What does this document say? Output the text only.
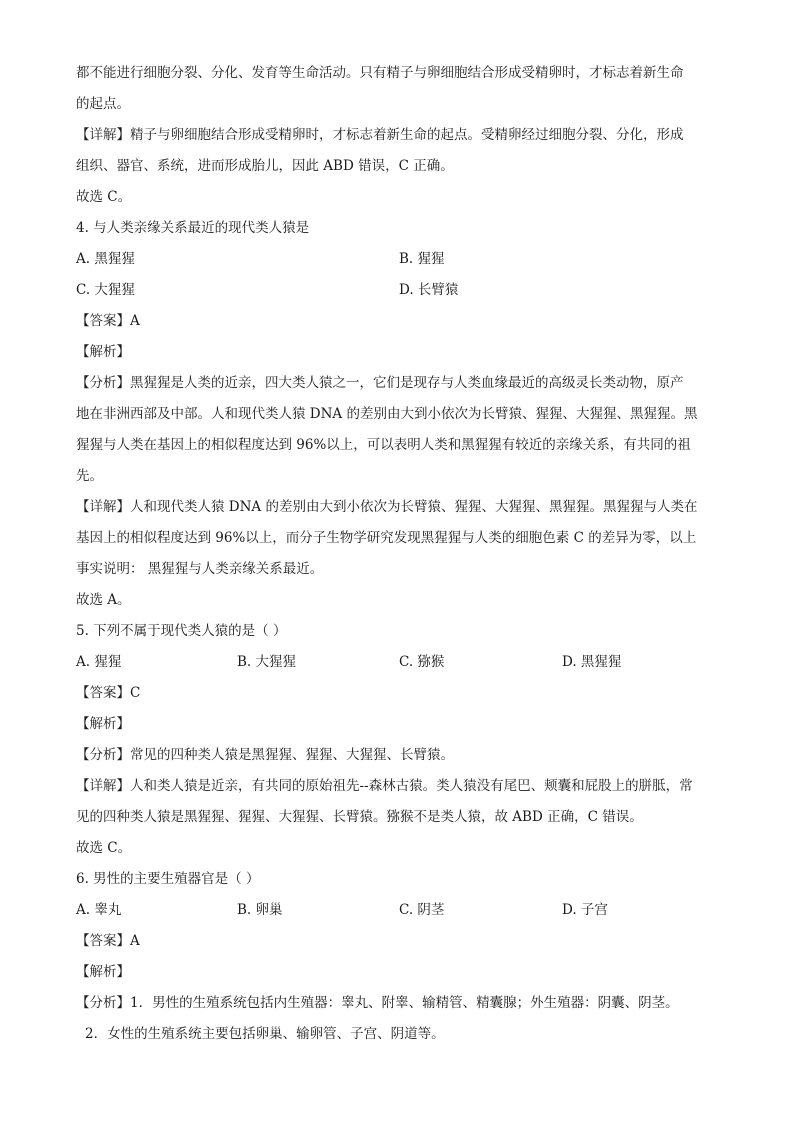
都不能进行细胞分裂、分化、发育等生命活动。只有精子与卵细胞结合形成受精卵时，才标志着新生命
的起点。
【详解】精子与卵细胞结合形成受精卵时，才标志着新生命的起点。受精卵经过细胞分裂、分化，形成
组织、器官、系统，进而形成胎儿，因此 ABD 错误，C 正确。
故选 C。
4. 与人类亲缘关系最近的现代类人猿是
A. 黑猩猩	B. 猩猩
C. 大猩猩	D. 长臂猿
【答案】A
【解析】
【分析】黑猩猩是人类的近亲，四大类人猿之一，它们是现存与人类血缘最近的高级灵长类动物，原产
地在非洲西部及中部。人和现代类人猿 DNA 的差别由大到小依次为长臂猿、猩猩、大猩猩、黑猩猩。黑
猩猩与人类在基因上的相似程度达到 96%以上，可以表明人类和黑猩猩有较近的亲缘关系，有共同的祖
先。
【详解】人和现代类人猿 DNA 的差别由大到小依次为长臂猿、猩猩、大猩猩、黑猩猩。黑猩猩与人类在
基因上的相似程度达到 96%以上，而分子生物学研究发现黑猩猩与人类的细胞色素 C 的差异为零，以上
事实说明： 黑猩猩与人类亲缘关系最近。
故选 A。
5. 下列不属于现代类人猿的是（ ）
A. 猩猩	B. 大猩猩	C. 猕猴	D. 黑猩猩
【答案】C
【解析】
【分析】常见的四种类人猿是黑猩猩、猩猩、大猩猩、长臂猿。
【详解】人和类人猿是近亲，有共同的原始祖先--森林古猿。类人猿没有尾巴、颊囊和屁股上的胼胝，常
见的四种类人猿是黑猩猩、猩猩、大猩猩、长臂猿。猕猴不是类人猿，故 ABD 正确，C 错误。
故选 C。
6. 男性的主要生殖器官是（ ）
A. 睾丸	B. 卵巢	C. 阴茎	D. 子宫
【答案】A
【解析】
【分析】1．男性的生殖系统包括内生殖器：睾丸、附睾、输精管、精囊腺；外生殖器：阴囊、阴茎。
2．女性的生殖系统主要包括卵巢、输卵管、子宫、阴道等。
